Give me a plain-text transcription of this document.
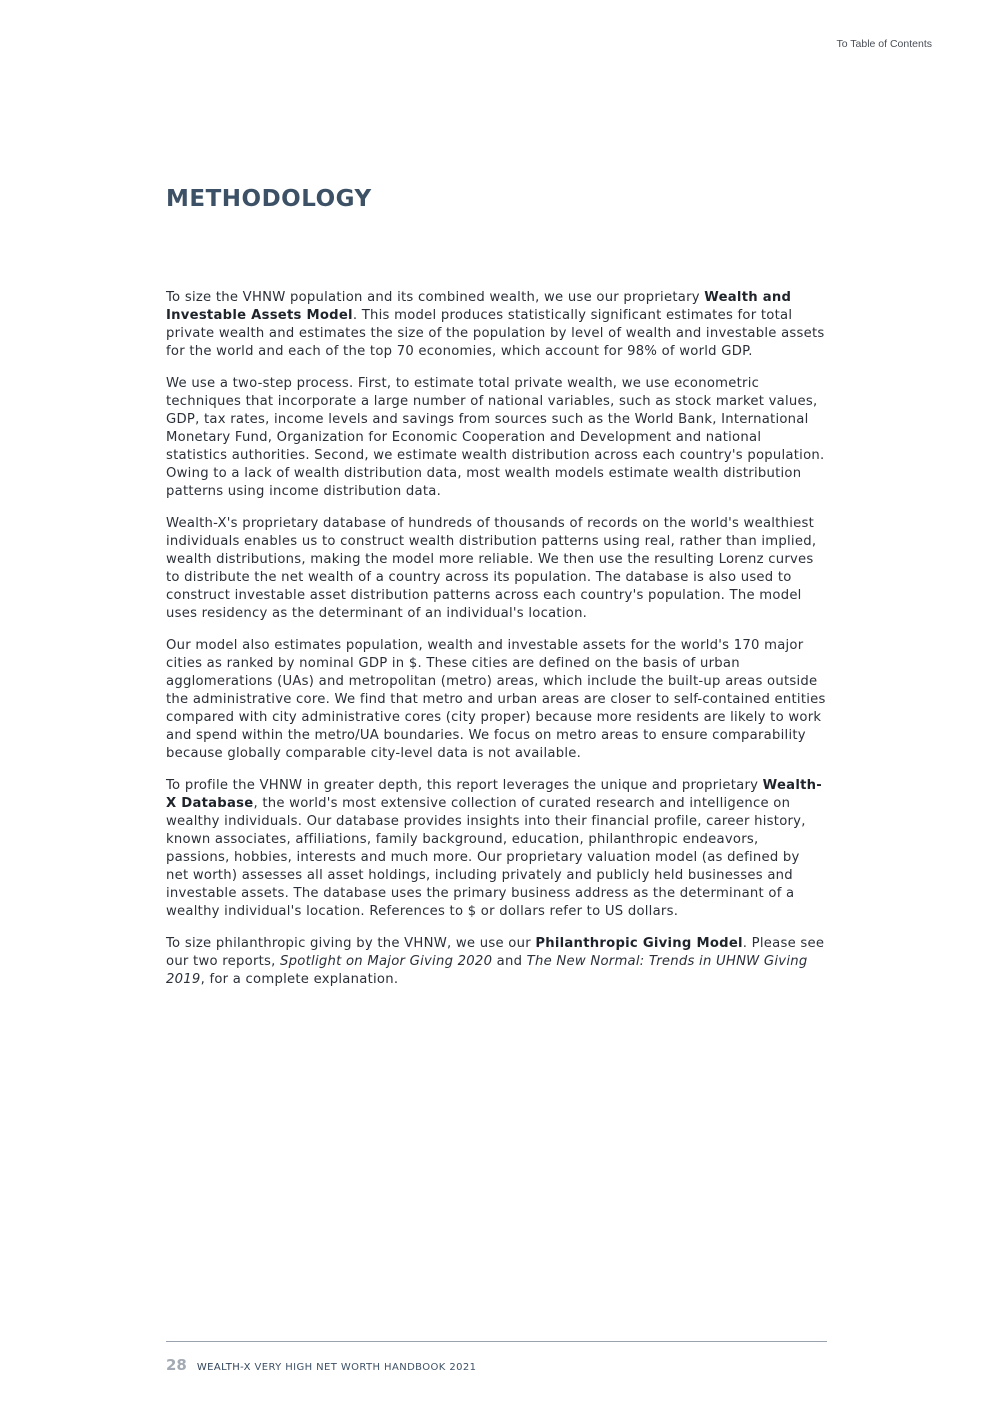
To Table of Contents
METHODOLOGY

To size the VHNW population and its combined wealth, we use our proprietary Wealth and Investable Assets Model. This model produces statistically significant estimates for total private wealth and estimates the size of the population by level of wealth and investable assets for the world and each of the top 70 economies, which account for 98% of world GDP.

We use a two-step process. First, to estimate total private wealth, we use econometric techniques that incorporate a large number of national variables, such as stock market values, GDP, tax rates, income levels and savings from sources such as the World Bank, International Monetary Fund, Organization for Economic Cooperation and Development and national statistics authorities. Second, we estimate wealth distribution across each country's population. Owing to a lack of wealth distribution data, most wealth models estimate wealth distribution patterns using income distribution data.

Wealth-X's proprietary database of hundreds of thousands of records on the world's wealthiest individuals enables us to construct wealth distribution patterns using real, rather than implied, wealth distributions, making the model more reliable. We then use the resulting Lorenz curves to distribute the net wealth of a country across its population. The database is also used to construct investable asset distribution patterns across each country's population. The model uses residency as the determinant of an individual's location.

Our model also estimates population, wealth and investable assets for the world's 170 major cities as ranked by nominal GDP in $. These cities are defined on the basis of urban agglomerations (UAs) and metropolitan (metro) areas, which include the built-up areas outside the administrative core. We find that metro and urban areas are closer to self-contained entities compared with city administrative cores (city proper) because more residents are likely to work and spend within the metro/UA boundaries. We focus on metro areas to ensure comparability because globally comparable city-level data is not available.

To profile the VHNW in greater depth, this report leverages the unique and proprietary Wealth-X Database, the world's most extensive collection of curated research and intelligence on wealthy individuals. Our database provides insights into their financial profile, career history, known associates, affiliations, family background, education, philanthropic endeavors, passions, hobbies, interests and much more. Our proprietary valuation model (as defined by net worth) assesses all asset holdings, including privately and publicly held businesses and investable assets. The database uses the primary business address as the determinant of a wealthy individual's location. References to $ or dollars refer to US dollars.

To size philanthropic giving by the VHNW, we use our Philanthropic Giving Model. Please see our two reports, Spotlight on Major Giving 2020 and The New Normal: Trends in UHNW Giving 2019, for a complete explanation.

28 WEALTH-X VERY HIGH NET WORTH HANDBOOK 2021
